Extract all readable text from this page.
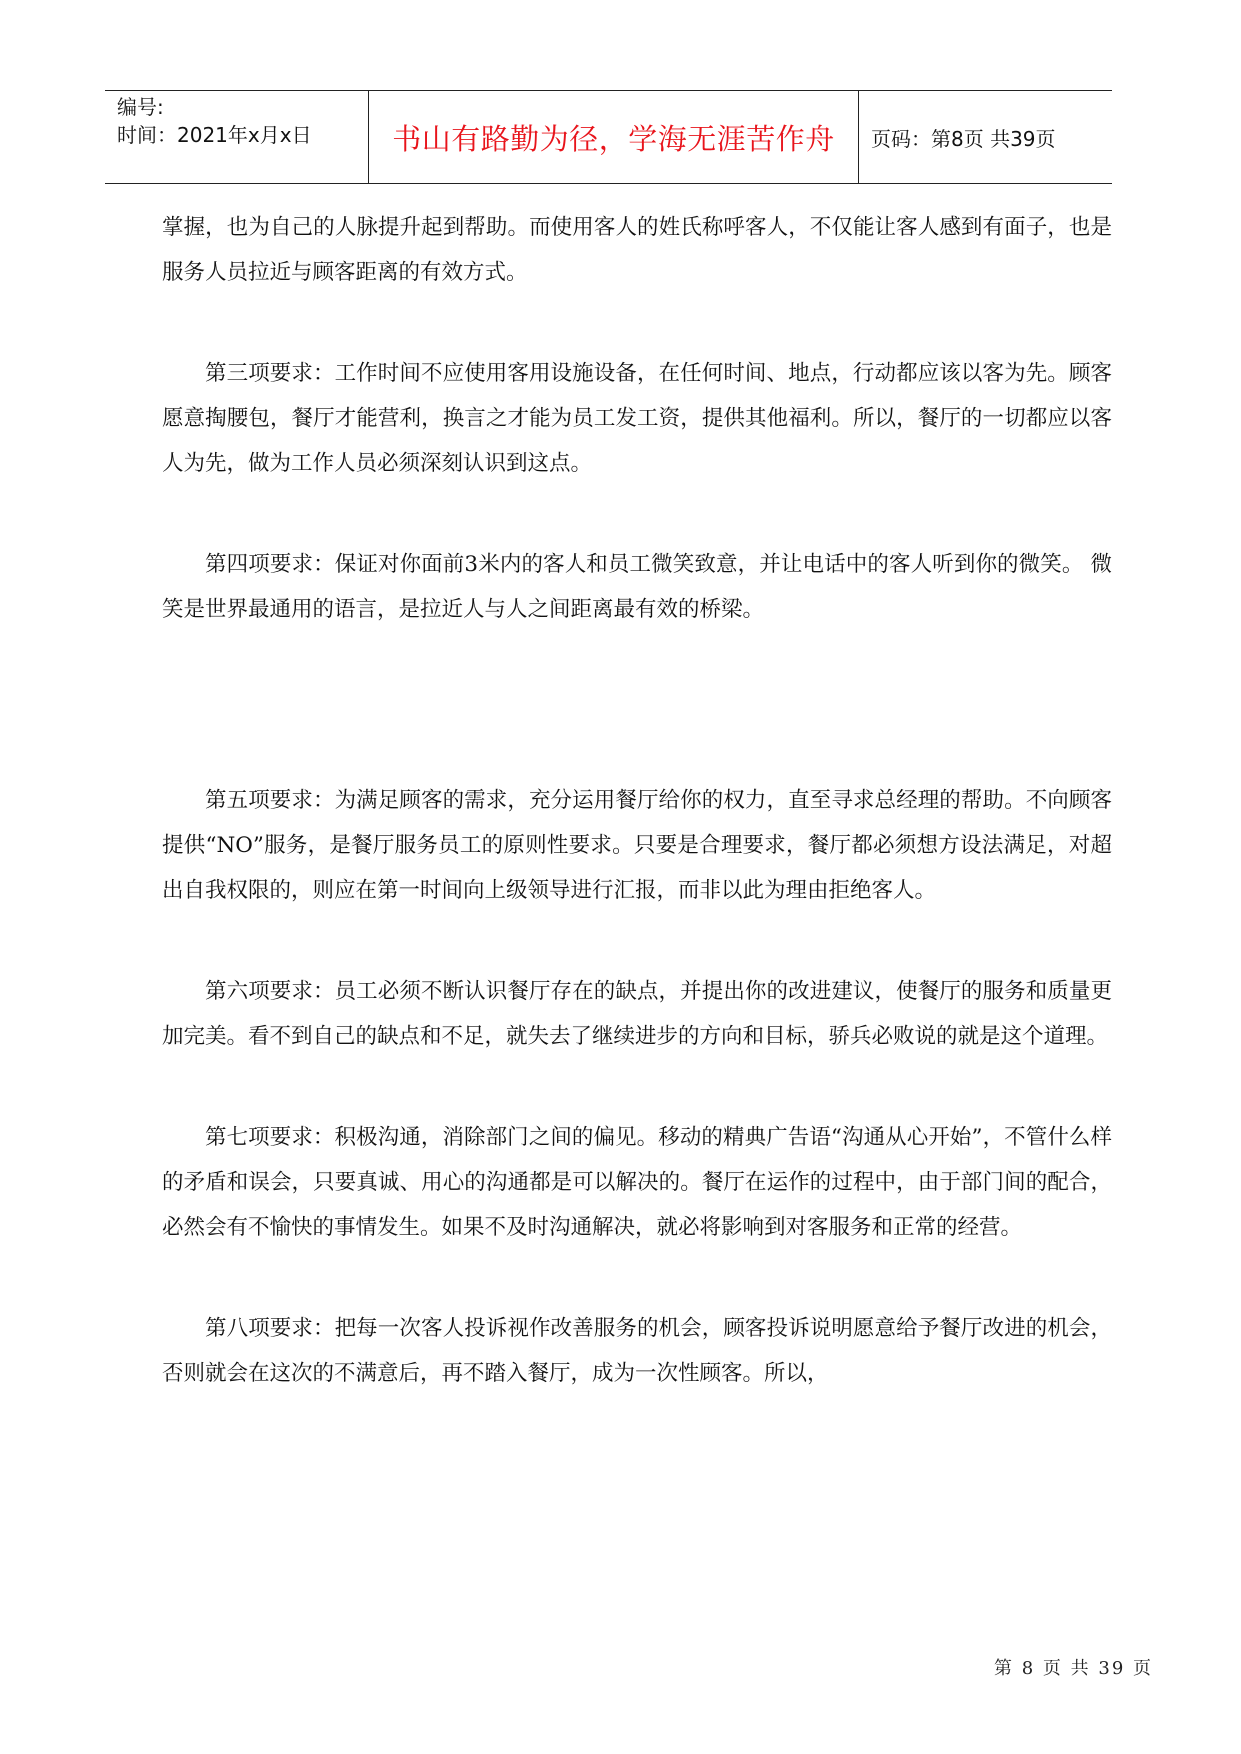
编号:
时间：2021年x月x日	书山有路勤为径，学海无涯苦作舟	页码：第8页 共39页

掌握，也为自己的人脉提升起到帮助。而使用客人的姓氏称呼客人，不仅能让客人感到有面子，也是服务人员拉近与顾客距离的有效方式。

第三项要求：工作时间不应使用客用设施设备，在任何时间、地点，行动都应该以客为先。顾客愿意掏腰包，餐厅才能营利，换言之才能为员工发工资，提供其他福利。所以，餐厅的一切都应以客人为先，做为工作人员必须深刻认识到这点。

第四项要求：保证对你面前3米内的客人和员工微笑致意，并让电话中的客人听到你的微笑。 微笑是世界最通用的语言，是拉近人与人之间距离最有效的桥梁。

第五项要求：为满足顾客的需求，充分运用餐厅给你的权力，直至寻求总经理的帮助。不向顾客提供“NO”服务，是餐厅服务员工的原则性要求。只要是合理要求，餐厅都必须想方设法满足，对超出自我权限的，则应在第一时间向上级领导进行汇报，而非以此为理由拒绝客人。

第六项要求：员工必须不断认识餐厅存在的缺点，并提出你的改进建议，使餐厅的服务和质量更加完美。看不到自己的缺点和不足，就失去了继续进步的方向和目标，骄兵必败说的就是这个道理。

第七项要求：积极沟通，消除部门之间的偏见。移动的精典广告语“沟通从心开始”，不管什么样的矛盾和误会，只要真诚、用心的沟通都是可以解决的。餐厅在运作的过程中，由于部门间的配合，必然会有不愉快的事情发生。如果不及时沟通解决，就必将影响到对客服务和正常的经营。

第八项要求：把每一次客人投诉视作改善服务的机会，顾客投诉说明愿意给予餐厅改进的机会，否则就会在这次的不满意后，再不踏入餐厅，成为一次性顾客。所以，

第 8 页 共 39 页
